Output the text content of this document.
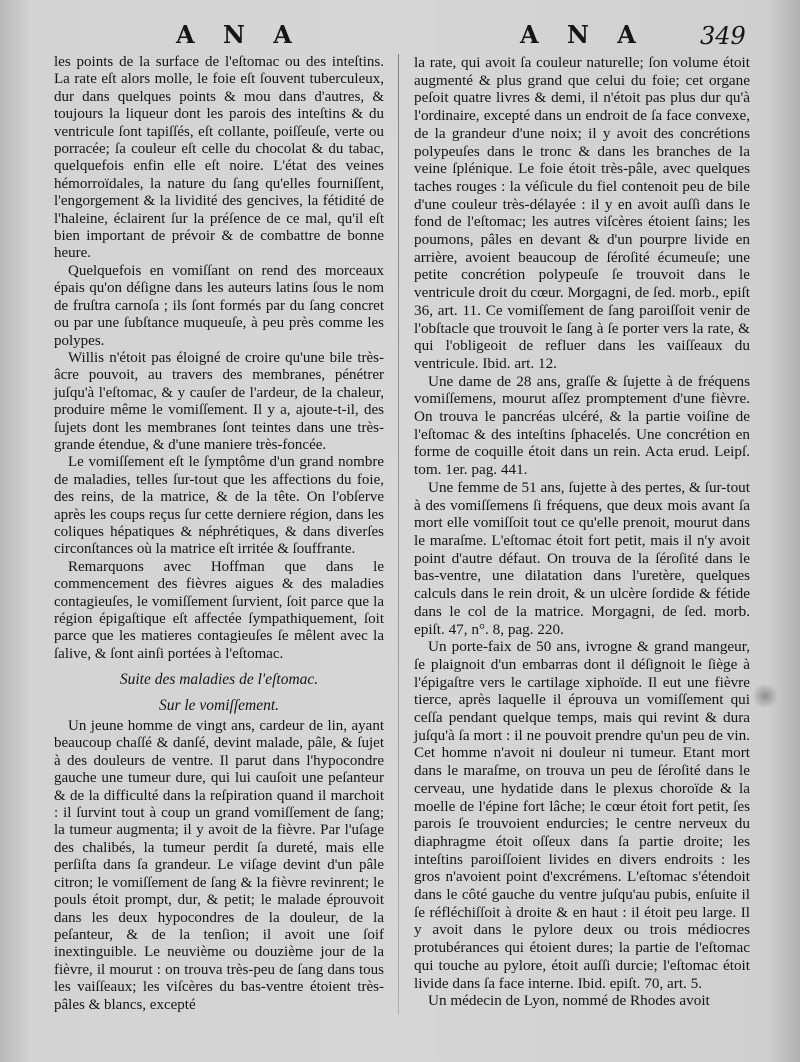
A N A	A N A 349

les points de la surface de l'eſtomac ou des inteſtins. La rate eſt alors molle, le foie eſt ſouvent tuberculeux, dur dans quelques points & mou dans d'autres, & toujours la liqueur dont les parois des inteſtins & du ventricule ſont tapiſſés, eſt collante, poiſſeuſe, verte ou porracée; ſa couleur eſt celle du chocolat & du tabac, quelquefois enfin elle eſt noire. L'état des veines hémorroïdales, la nature du ſang qu'elles fourniſſent, l'engorgement & la lividité des gencives, la fétidité de l'haleine, éclairent ſur la préſence de ce mal, qu'il eſt bien important de prévoir & de combattre de bonne heure.

Quelquefois en vomiſſant on rend des morceaux épais qu'on déſigne dans les auteurs latins ſous le nom de fruſtra carnoſa ; ils ſont formés par du ſang concret ou par une ſubſtance muqueuſe, à peu près comme les polypes.

Willis n'étoit pas éloigné de croire qu'une bile très-âcre pouvoit, au travers des membranes, pénétrer juſqu'à l'eſtomac, & y cauſer de l'ardeur, de la chaleur, produire même le vomiſſement. Il y a, ajoute-t-il, des ſujets dont les membranes ſont teintes dans une très-grande étendue, & d'une maniere très-foncée.

Le vomiſſement eſt le ſymptôme d'un grand nombre de maladies, telles ſur-tout que les affections du foie, des reins, de la matrice, & de la tête. On l'obſerve après les coups reçus ſur cette derniere région, dans les coliques hépatiques & néphrétiques, & dans diverſes circonſtances où la matrice eſt irritée & ſouffrante.

Remarquons avec Hoffman que dans le commencement des fièvres aigues & des maladies contagieuſes, le vomiſſement ſurvient, ſoit parce que la région épigaſtique eſt affectée ſympathiquement, ſoit parce que les matieres contagieuſes ſe mêlent avec la ſalive, & ſont ainſi portées à l'eſtomac.

Suite des maladies de l'eſtomac.

Sur le vomiſſement.

Un jeune homme de vingt ans, cardeur de lin, ayant beaucoup chaſſé & danſé, devint malade, pâle, & ſujet à des douleurs de ventre. Il parut dans l'hypocondre gauche une tumeur dure, qui lui cauſoit une peſanteur & de la difficulté dans la reſpiration quand il marchoit : il ſurvint tout à coup un grand vomiſſement de ſang; la tumeur augmenta; il y avoit de la fièvre. Par l'uſage des chalibés, la tumeur perdit ſa dureté, mais elle perſiſta dans ſa grandeur. Le viſage devint d'un pâle citron; le vomiſſement de ſang & la fièvre revinrent; le pouls étoit prompt, dur, & petit; le malade éprouvoit dans les deux hypocondres de la douleur, de la peſanteur, & de la tenſion; il avoit une ſoif inextinguible. Le neuvième ou douzième jour de la fièvre, il mourut : on trouva très-peu de ſang dans tous les vaiſſeaux; les viſcères du bas-ventre étoient très-pâles & blancs, excepté

la rate, qui avoit ſa couleur naturelle; ſon volume étoit augmenté & plus grand que celui du foie; cet organe peſoit quatre livres & demi, il n'étoit pas plus dur qu'à l'ordinaire, excepté dans un endroit de ſa face convexe, de la grandeur d'une noix; il y avoit des concrétions polypeuſes dans le tronc & dans les branches de la veine ſplénique. Le foie étoit très-pâle, avec quelques taches rouges : la véſicule du fiel contenoit peu de bile d'une couleur très-délayée : il y en avoit auſſi dans le fond de l'eſtomac; les autres viſcères étoient ſains; les poumons, pâles en devant & d'un pourpre livide en arrière, avoient beaucoup de ſéroſité écumeuſe; une petite concrétion polypeuſe ſe trouvoit dans le ventricule droit du cœur. Morgagni, de ſed. morb., epiſt 36, art. 11. Ce vomiſſement de ſang paroiſſoit venir de l'obſtacle que trouvoit le ſang à ſe porter vers la rate, & qui l'obligeoit de refluer dans les vaiſſeaux du ventricule. Ibid. art. 12.

Une dame de 28 ans, graſſe & ſujette à de fréquens vomiſſemens, mourut aſſez promptement d'une fièvre. On trouva le pancréas ulcéré, & la partie voiſine de l'eſtomac & des inteſtins ſphacelés. Une concrétion en forme de coquille étoit dans un rein. Acta erud. Leipſ. tom. 1er. pag. 441.

Une femme de 51 ans, ſujette à des pertes, & ſur-tout à des vomiſſemens ſi fréquens, que deux mois avant ſa mort elle vomiſſoit tout ce qu'elle prenoit, mourut dans le maraſme. L'eſtomac étoit fort petit, mais il n'y avoit point d'autre défaut. On trouva de la ſéroſité dans le bas-ventre, une dilatation dans l'uretère, quelques calculs dans le rein droit, & un ulcère ſordide & fétide dans le col de la matrice. Morgagni, de ſed. morb. epiſt. 47, n°. 8, pag. 220.

Un porte-faix de 50 ans, ivrogne & grand mangeur, ſe plaignoit d'un embarras dont il déſignoit le ſiège à l'épigaſtre vers le cartilage xiphoïde. Il eut une fièvre tierce, après laquelle il éprouva un vomiſſement qui ceſſa pendant quelque temps, mais qui revint & dura juſqu'à ſa mort : il ne pouvoit prendre qu'un peu de vin. Cet homme n'avoit ni douleur ni tumeur. Etant mort dans le maraſme, on trouva un peu de ſéroſité dans le cerveau, une hydatide dans le plexus choroïde & la moelle de l'épine fort lâche; le cœur étoit fort petit, ſes parois ſe trouvoient endurcies; le centre nerveux du diaphragme étoit oſſeux dans ſa partie droite; les inteſtins paroiſſoient livides en divers endroits : les gros n'avoient point d'excrémens. L'eſtomac s'étendoit dans le côté gauche du ventre juſqu'au pubis, enſuite il ſe réfléchiſſoit à droite & en haut : il étoit peu large. Il y avoit dans le pylore deux ou trois médiocres protubérances qui étoient dures; la partie de l'eſtomac qui touche au pylore, étoit auſſi durcie; l'eſtomac étoit livide dans ſa face interne. Ibid. epiſt. 70, art. 5.

Un médecin de Lyon, nommé de Rhodes avoit
